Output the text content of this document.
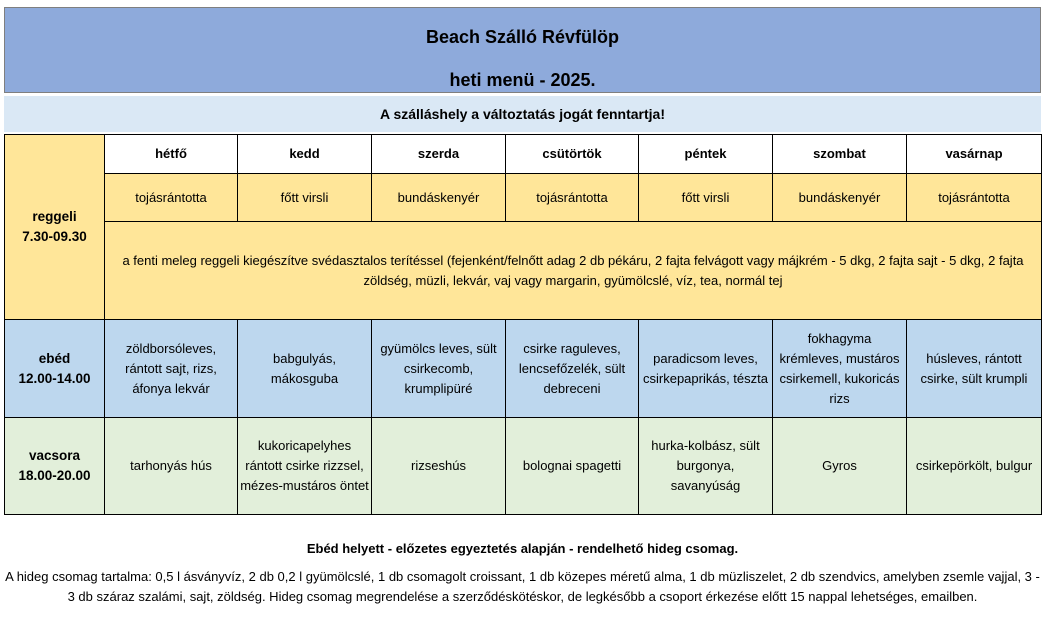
Beach Szálló Révfülöp
heti menü - 2025.
A szálláshely a változtatás jogát fenntartja!
reggeli
7.30-09.30	hétfő	kedd	szerda	csütörtök	péntek	szombat	vasárnap
	tojásrántotta	főtt virsli	bundáskenyér	tojásrántotta	főtt virsli	bundáskenyér	tojásrántotta
	a fenti meleg reggeli kiegészítve svédasztalos terítéssel (fejenként/felnőtt adag 2 db pékáru, 2 fajta felvágott vagy májkrém - 5 dkg, 2 fajta sajt - 5 dkg, 2 fajta zöldség, müzli, lekvár, vaj vagy margarin, gyümölcslé, víz, tea, normál tej						

ebéd
12.00-14.00	zöldborsóleves, rántott sajt, rizs, áfonya lekvár	babgulyás, mákosguba	gyümölcs leves, sült csirkecomb, krumplipüré	csirke raguleves, lencsefőzelék, sült debreceni	paradicsom leves, csirkepaprikás, tészta	fokhagyma krémleves, mustáros csirkemell, kukoricás rizs	húsleves, rántott csirke, sült krumpli

vacsora
18.00-20.00	tarhonyás hús	kukoricapelyhes rántott csirke rizzsel, mézes-mustáros öntet	rizseshús	bolognai spagetti	hurka-kolbász, sült burgonya, savanyúság	Gyros	csirkepörkölt, bulgur
Ebéd helyett - előzetes egyeztetés alapján - rendelhető hideg csomag.
A hideg csomag tartalma: 0,5 l ásványvíz, 2 db 0,2 l gyümölcslé, 1 db csomagolt croissant, 1 db közepes méretű alma, 1 db müzliszelet, 2 db szendvics, amelyben zsemle vajjal, 3 - 3 db száraz szalámi, sajt, zöldség. Hideg csomag megrendelése a szerződéskötéskor, de legkésőbb a csoport érkezése előtt 15 nappal lehetséges, emailben.
